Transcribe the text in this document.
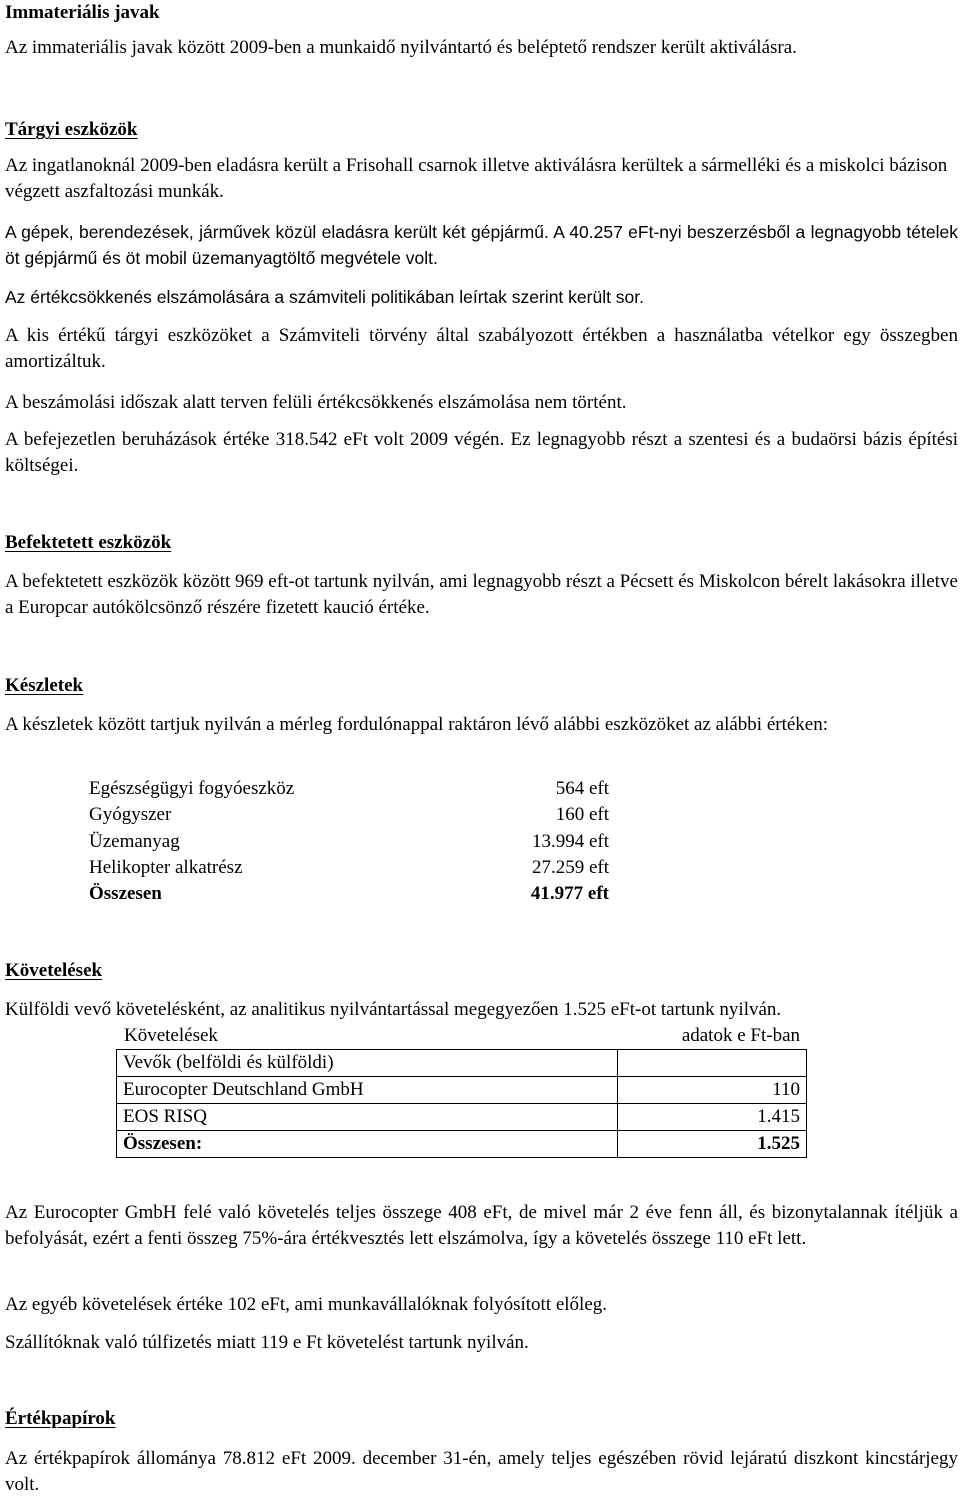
Immateriális javak

Az immateriális javak között 2009-ben a munkaidő nyilvántartó és beléptető rendszer került aktiválásra.

Tárgyi eszközök

Az ingatlanoknál 2009-ben eladásra került a Frisohall csarnok illetve aktiválásra kerültek a sármelléki és a miskolci bázison végzett aszfaltozási munkák.

A gépek, berendezések, járművek közül eladásra került két gépjármű. A 40.257 eFt-nyi beszerzésből a legnagyobb tételek öt gépjármű és öt mobil üzemanyagtöltő megvétele volt.

Az értékcsökkenés elszámolására a számviteli politikában leírtak szerint került sor.

A kis értékű tárgyi eszközöket a Számviteli törvény által szabályozott értékben a használatba vételkor egy összegben amortizáltuk.

A beszámolási időszak alatt terven felüli értékcsökkenés elszámolása nem történt.

A befejezetlen beruházások értéke 318.542 eFt volt 2009 végén. Ez legnagyobb részt a szentesi és a budaörsi bázis építési költségei.

Befektetett eszközök

A befektetett eszközök között 969 eft-ot tartunk nyilván, ami legnagyobb részt a Pécsett és Miskolcon bérelt lakásokra illetve a Europcar autókölcsönző részére fizetett kaució értéke.

Készletek

A készletek között tartjuk nyilván a mérleg fordulónappal raktáron lévő alábbi eszközöket az alábbi értéken:

Egészségügyi fogyóeszköz	564 eft
Gyógyszer	160 eft
Üzemanyag	13.994 eft
Helikopter alkatrész	27.259 eft
Összesen	41.977 eft
Követelések

Külföldi vevő követelésként, az analitikus nyilvántartással megegyezően 1.525 eFt-ot tartunk nyilván.

Követelések	adatok e Ft-ban
Vevők (belföldi és külföldi)	
Eurocopter Deutschland GmbH	110
EOS RISQ	1.415
Összesen:	1.525

Az Eurocopter GmbH felé való követelés teljes összege 408 eFt, de mivel már 2 éve fenn áll, és bizonytalannak ítéljük a befolyását, ezért a fenti összeg 75%-ára értékvesztés lett elszámolva, így a követelés összege 110 eFt lett.

Az egyéb követelések értéke 102 eFt, ami munkavállalóknak folyósított előleg.

Szállítóknak való túlfizetés miatt 119 e Ft követelést tartunk nyilván.

Értékpapírok

Az értékpapírok állománya 78.812 eFt 2009. december 31-én, amely teljes egészében rövid lejáratú diszkont kincstárjegy volt.
